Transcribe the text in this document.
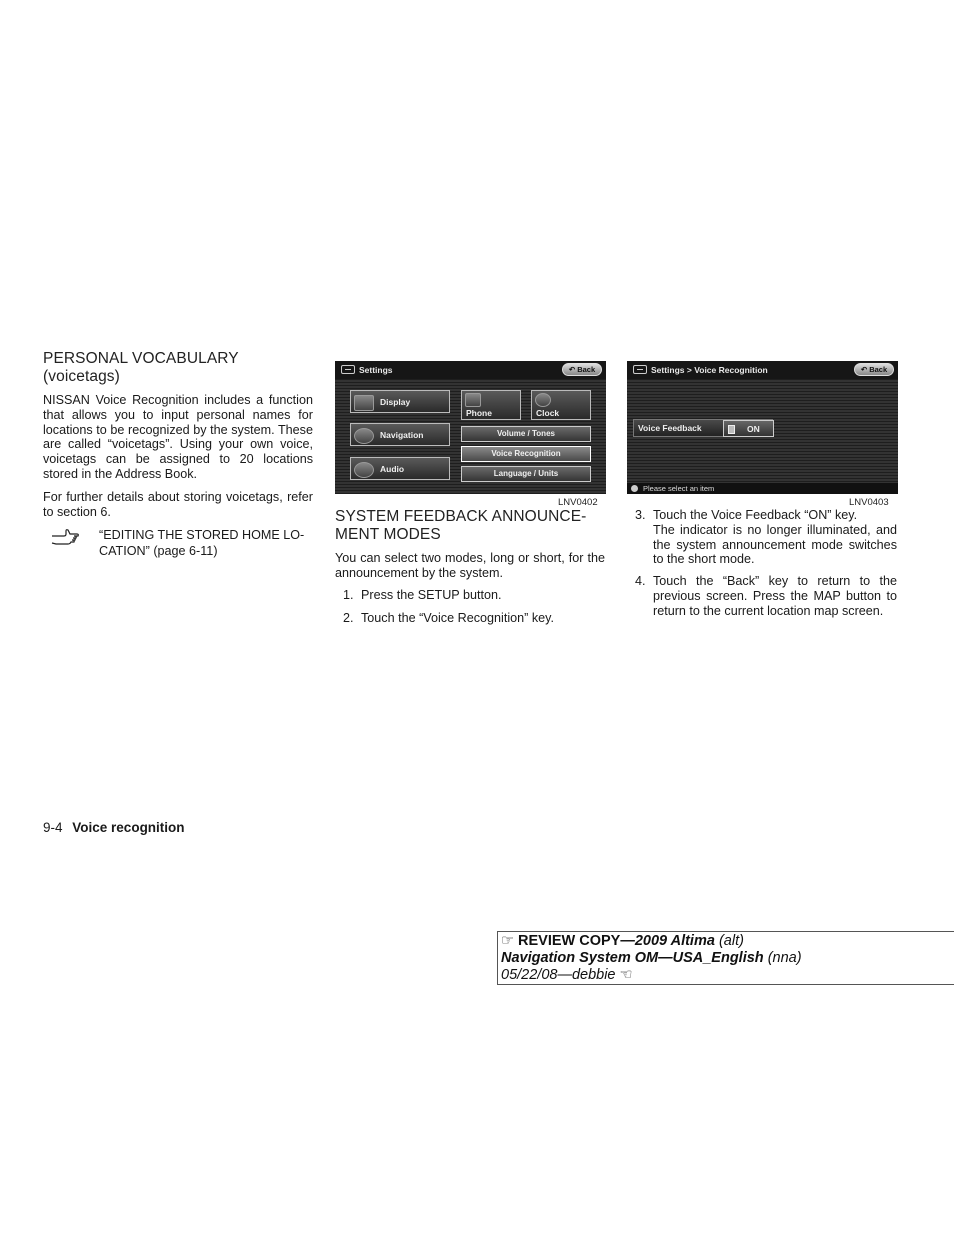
PERSONAL VOCABULARY
(voicetags)

NISSAN Voice Recognition includes a function that allows you to input personal names for locations to be recognized by the system. These are called “voicetags”. Using your own voice, voicetags can be assigned to 20 locations stored in the Address Book.

For further details about storing voicetags, refer to section 6.

“EDITING THE STORED HOME LO-
CATION” (page 6-11)
Settings	↶ Back
Display
Navigation
Audio
Phone	Clock
Volume / Tones
Voice Recognition
Language / Units
LNV0402
Settings > Voice Recognition	↶ Back
Voice Feedback	ON
Please select an item
LNV0403
SYSTEM FEEDBACK ANNOUNCE-
MENT MODES

You can select two modes, long or short, for the announcement by the system.

1. Press the SETUP button.
2. Touch the “Voice Recognition” key.
3. Touch the Voice Feedback “ON” key.
The indicator is no longer illuminated, and the system announcement mode switches to the short mode.
4. Touch the “Back” key to return to the previous screen. Press the MAP button to return to the current location map screen.
9-4 Voice recognition
☞ REVIEW COPY—2009 Altima (alt)
Navigation System OM—USA_English (nna)
05/22/08—debbie ☜
